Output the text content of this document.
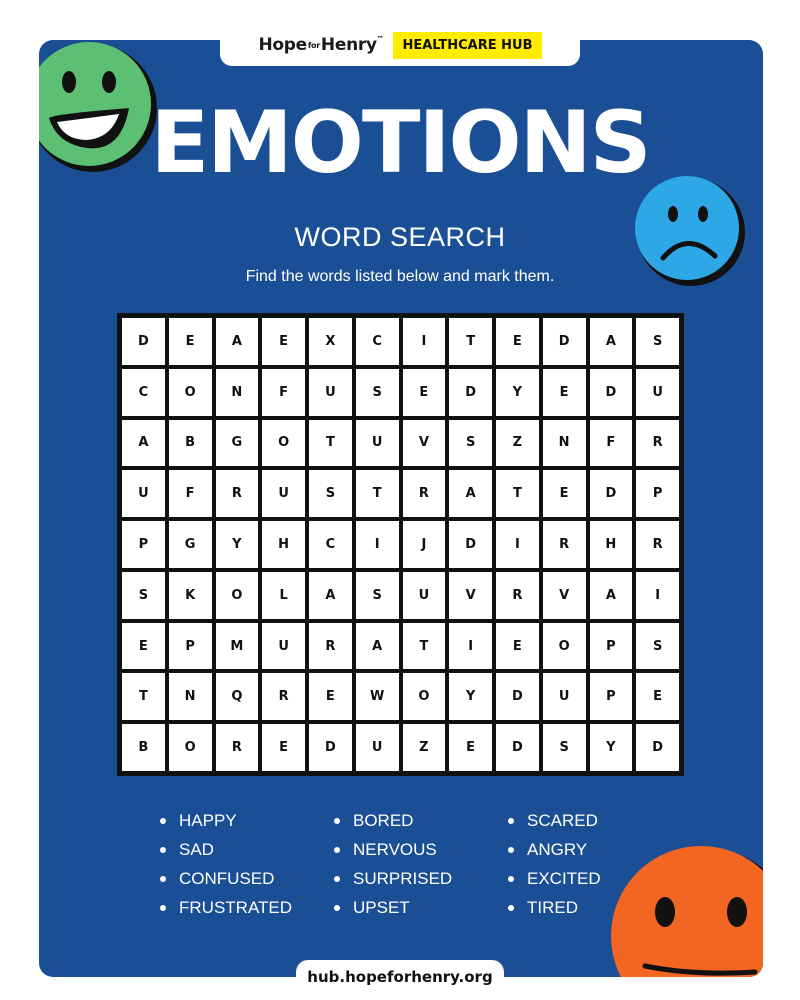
HopeforHenry™	HEALTHCARE HUB
EMOTIONS
WORD SEARCH
Find the words listed below and mark them.
D	E	A	E	X	C	I	T	E	D	A	S
C	O	N	F	U	S	E	D	Y	E	D	U
A	B	G	O	T	U	V	S	Z	N	F	R
U	F	R	U	S	T	R	A	T	E	D	P
P	G	Y	H	C	I	J	D	I	R	H	R
S	K	O	L	A	S	U	V	R	V	A	I
E	P	M	U	R	A	T	I	E	O	P	S
T	N	Q	R	E	W	O	Y	D	U	P	E
B	O	R	E	D	U	Z	E	D	S	Y	D
HAPPY
SAD
CONFUSED
FRUSTRATED
BORED
NERVOUS
SURPRISED
UPSET
SCARED
ANGRY
EXCITED
TIRED
hub.hopeforhenry.org
